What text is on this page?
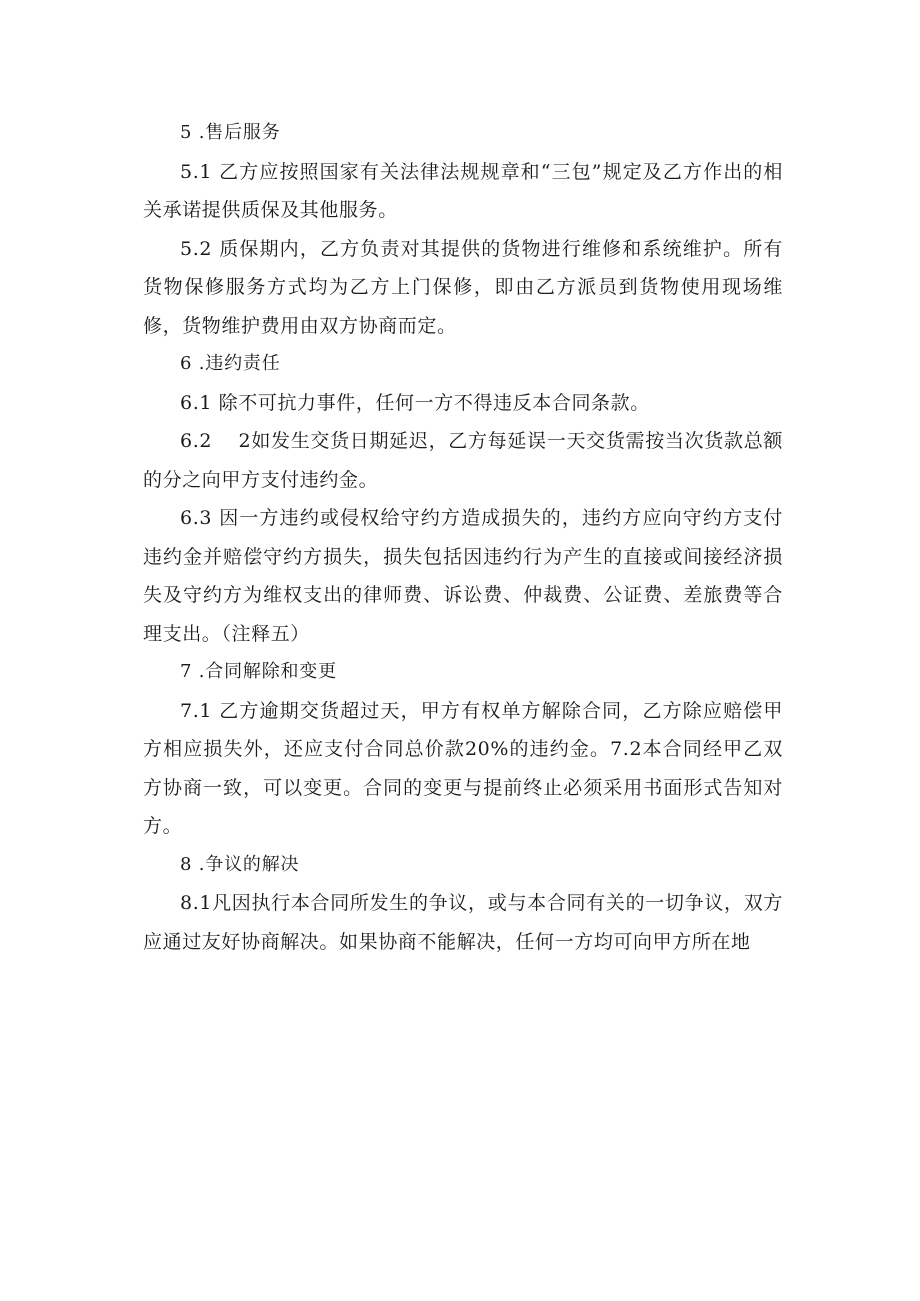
5 .售后服务

5.1 乙方应按照国家有关法律法规规章和“三包”规定及乙方作出的相关承诺提供质保及其他服务。

5.2 质保期内，乙方负责对其提供的货物进行维修和系统维护。所有货物保修服务方式均为乙方上门保修，即由乙方派员到货物使用现场维修，货物维护费用由双方协商而定。

6 .违约责任

6.1 除不可抗力事件，任何一方不得违反本合同条款。

6.2　 2如发生交货日期延迟，乙方每延误一天交货需按当次货款总额的分之向甲方支付违约金。

6.3 因一方违约或侵权给守约方造成损失的，违约方应向守约方支付违约金并赔偿守约方损失，损失包括因违约行为产生的直接或间接经济损失及守约方为维权支出的律师费、诉讼费、仲裁费、公证费、差旅费等合理支出。（注释五）

7 .合同解除和变更

7.1 乙方逾期交货超过天，甲方有权单方解除合同，乙方除应赔偿甲方相应损失外，还应支付合同总价款20%的违约金。7.2本合同经甲乙双方协商一致，可以变更。合同的变更与提前终止必须采用书面形式告知对方。

8 .争议的解决

8.1凡因执行本合同所发生的争议，或与本合同有关的一切争议，双方应通过友好协商解决。如果协商不能解决，任何一方均可向甲方所在地
